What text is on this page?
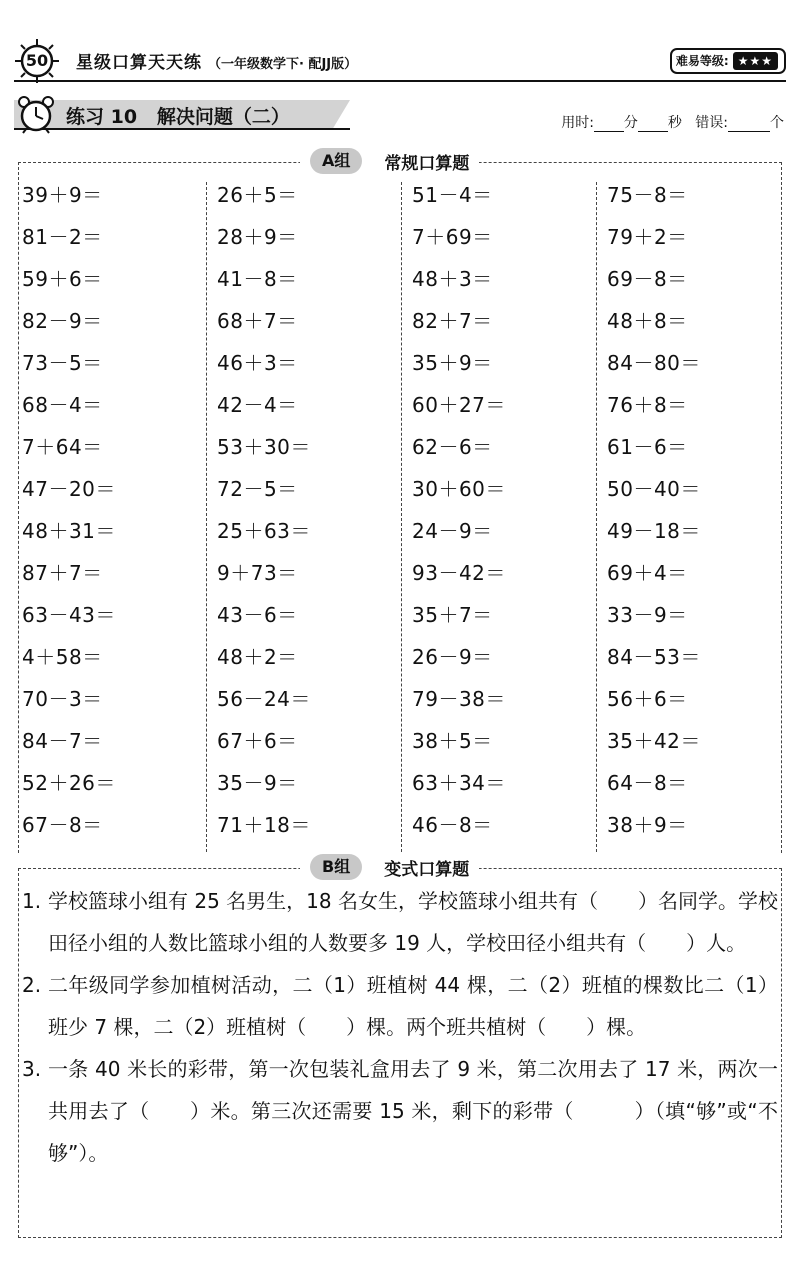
50	星级口算天天练 （一年级数学下· 配JJ版）	难易等级: ★★★
练习 10   解决问题（二）	用时: 分 秒 错误:	个
A组	常规口算题
39＋9＝	26＋5＝	51－4＝	75－8＝
81－2＝	28＋9＝	7＋69＝	79＋2＝
59＋6＝	41－8＝	48＋3＝	69－8＝
82－9＝	68＋7＝	82＋7＝	48＋8＝
73－5＝	46＋3＝	35＋9＝	84－80＝
68－4＝	42－4＝	60＋27＝	76＋8＝
7＋64＝	53＋30＝	62－6＝	61－6＝
47－20＝	72－5＝	30＋60＝	50－40＝
48＋31＝	25＋63＝	24－9＝	49－18＝
87＋7＝	9＋73＝	93－42＝	69＋4＝
63－43＝	43－6＝	35＋7＝	33－9＝
4＋58＝	48＋2＝	26－9＝	84－53＝
70－3＝	56－24＝	79－38＝	56＋6＝
84－7＝	67＋6＝	38＋5＝	35＋42＝
52＋26＝	35－9＝	63＋34＝	64－8＝
67－8＝	71＋18＝	46－8＝	38＋9＝
B组	变式口算题
1. 学校篮球小组有 25 名男生，18 名女生，学校篮球小组共有（　　）名同学。学校田径小组的人数比篮球小组的人数要多 19 人，学校田径小组共有（　　）人。
2. 二年级同学参加植树活动，二（1）班植树 44 棵，二（2）班植的棵数比二（1）班少 7 棵，二（2）班植树（　　）棵。两个班共植树（　　）棵。
3. 一条 40 米长的彩带，第一次包装礼盒用去了 9 米，第二次用去了 17 米，两次一共用去了（　　）米。第三次还需要 15 米，剩下的彩带（　　　）（填“够”或“不够”）。
